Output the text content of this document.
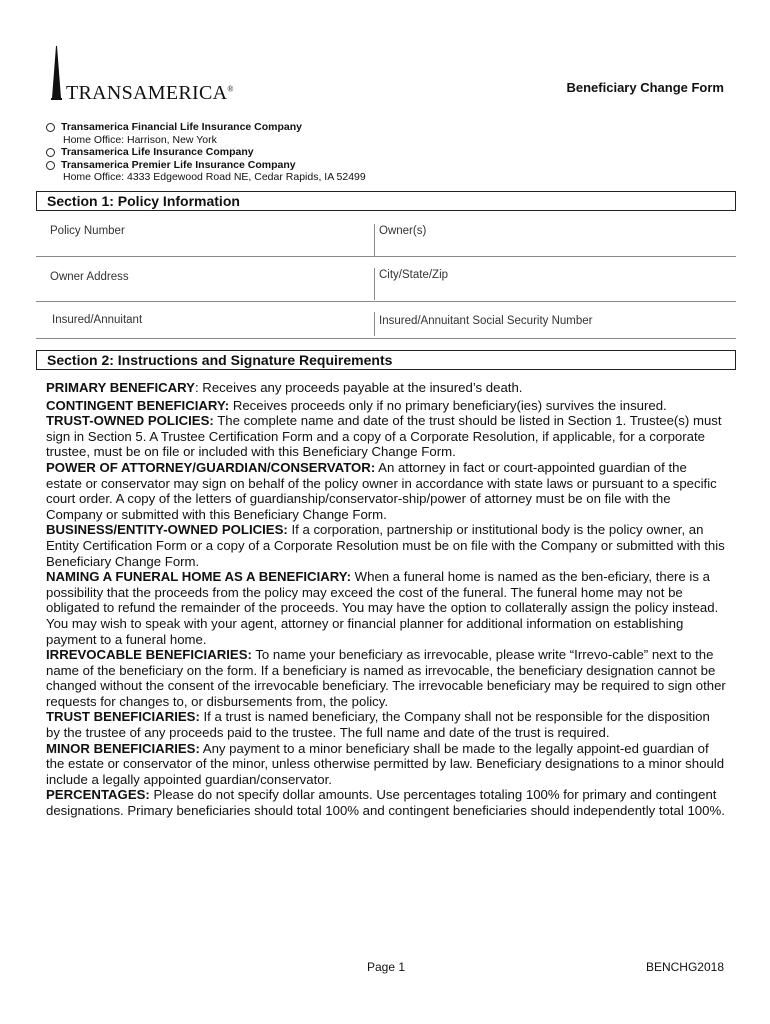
TRANSAMERICA®	Beneficiary Change Form
Transamerica Financial Life Insurance Company
Home Office: Harrison, New York
Transamerica Life Insurance Company
Transamerica Premier Life Insurance Company
Home Office: 4333 Edgewood Road NE, Cedar Rapids, IA 52499
Section 1: Policy Information
Policy Number	Owner(s)
Owner Address	City/State/Zip
Insured/Annuitant	Insured/Annuitant Social Security Number
Section 2: Instructions and Signature Requirements

PRIMARY BENEFICARY: Receives any proceeds payable at the insured’s death.

CONTINGENT BENEFICIARY: Receives proceeds only if no primary beneficiary(ies) survives the insured.

TRUST-OWNED POLICIES: The complete name and date of the trust should be listed in Section 1. Trustee(s) must sign in Section 5. A Trustee Certification Form and a copy of a Corporate Resolution, if applicable, for a corporate trustee, must be on file or included with this Beneficiary Change Form.

POWER OF ATTORNEY/GUARDIAN/CONSERVATOR: An attorney in fact or court-appointed guardian of the estate or conservator may sign on behalf of the policy owner in accordance with state laws or pursuant to a specific court order. A copy of the letters of guardianship/conservator-ship/power of attorney must be on file with the Company or submitted with this Beneficiary Change Form.

BUSINESS/ENTITY-OWNED POLICIES: If a corporation, partnership or institutional body is the policy owner, an Entity Certification Form or a copy of a Corporate Resolution must be on file with the Company or submitted with this Beneficiary Change Form.

NAMING A FUNERAL HOME AS A BENEFICIARY: When a funeral home is named as the ben-eficiary, there is a possibility that the proceeds from the policy may exceed the cost of the funeral. The funeral home may not be obligated to refund the remainder of the proceeds. You may have the option to collaterally assign the policy instead. You may wish to speak with your agent, attorney or financial planner for additional information on establishing payment to a funeral home.

IRREVOCABLE BENEFICIARIES: To name your beneficiary as irrevocable, please write “Irrevo-cable” next to the name of the beneficiary on the form. If a beneficiary is named as irrevocable, the beneficiary designation cannot be changed without the consent of the irrevocable beneficiary. The irrevocable beneficiary may be required to sign other requests for changes to, or disbursements from, the policy.

TRUST BENEFICIARIES: If a trust is named beneficiary, the Company shall not be responsible for the disposition by the trustee of any proceeds paid to the trustee. The full name and date of the trust is required.

MINOR BENEFICIARIES: Any payment to a minor beneficiary shall be made to the legally appoint-ed guardian of the estate or conservator of the minor, unless otherwise permitted by law. Beneficiary designations to a minor should include a legally appointed guardian/conservator.

PERCENTAGES: Please do not specify dollar amounts. Use percentages totaling 100% for primary and contingent designations. Primary beneficiaries should total 100% and contingent beneficiaries should independently total 100%.

Page 1	BENCHG2018
